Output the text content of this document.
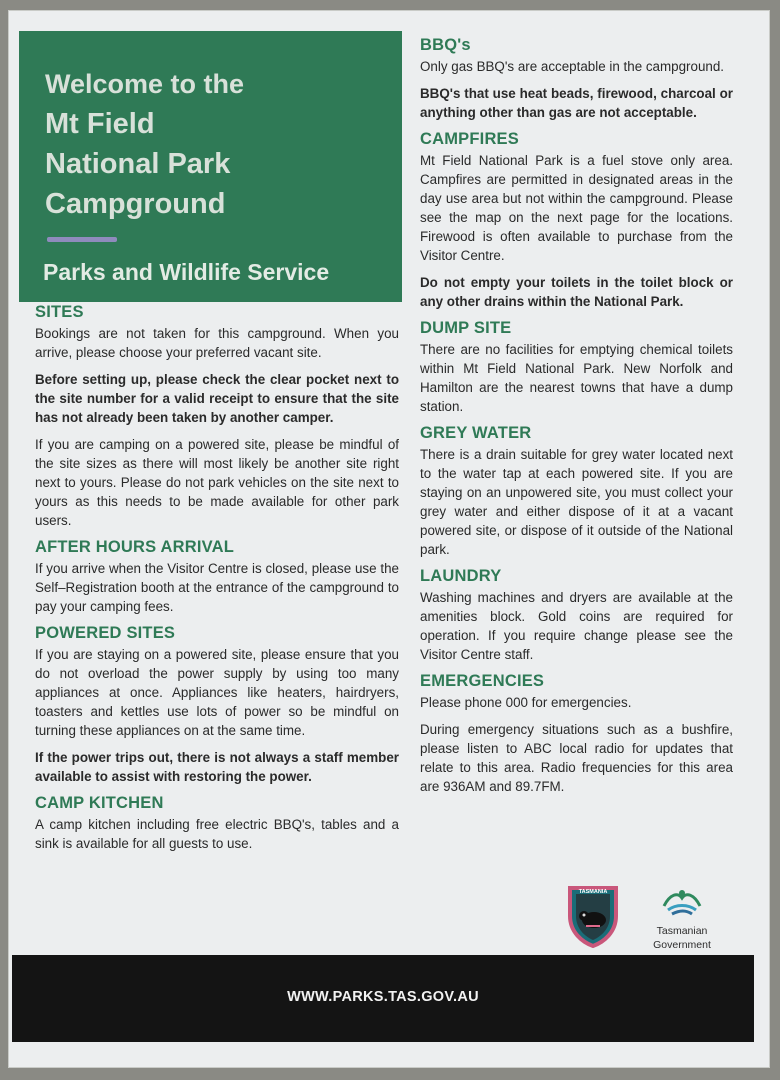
Welcome to the
Mt Field
National Park
Campground
Parks and Wildlife Service
SITES

Bookings are not taken for this campground. When you arrive, please choose your preferred vacant site.

Before setting up, please check the clear pocket next to the site number for a valid receipt to ensure that the site has not already been taken by another camper.

If you are camping on a powered site, please be mindful of the site sizes as there will most likely be another site right next to yours. Please do not park vehicles on the site next to yours as this needs to be made available for other park users.

AFTER HOURS ARRIVAL

If you arrive when the Visitor Centre is closed, please use the Self–Registration booth at the entrance of the campground to pay your camping fees.

POWERED SITES

If you are staying on a powered site, please ensure that you do not overload the power supply by using too many appliances at once. Appliances like heaters, hairdryers, toasters and kettles use lots of power so be mindful on turning these appliances on at the same time.

If the power trips out, there is not always a staff member available to assist with restoring the power.

CAMP KITCHEN

A camp kitchen including free electric BBQ's, tables and a sink is available for all guests to use.

BBQ's

Only gas BBQ's are acceptable in the campground.

BBQ's that use heat beads, firewood, charcoal or anything other than gas are not acceptable.

CAMPFIRES

Mt Field National Park is a fuel stove only area. Campfires are permitted in designated areas in the day use area but not within the campground. Please see the map on the next page for the locations. Firewood is often available to purchase from the Visitor Centre.

Do not empty your toilets in the toilet block or any other drains within the National Park.

DUMP SITE

There are no facilities for emptying chemical toilets within Mt Field National Park. New Norfolk and Hamilton are the nearest towns that have a dump station.

GREY WATER

There is a drain suitable for grey water located next to the water tap at each powered site. If you are staying on an unpowered site, you must collect your grey water and either dispose of it at a vacant powered site, or dispose of it outside of the National park.

LAUNDRY

Washing machines and dryers are available at the amenities block. Gold coins are required for operation. If you require change please see the Visitor Centre staff.

EMERGENCIES

Please phone 000 for emergencies.

During emergency situations such as a bushfire, please listen to ABC local radio for updates that relate to this area. Radio frequencies for this area are 936AM and 89.7FM.

TASMANIA
Tasmanian
Government
WWW.PARKS.TAS.GOV.AU
